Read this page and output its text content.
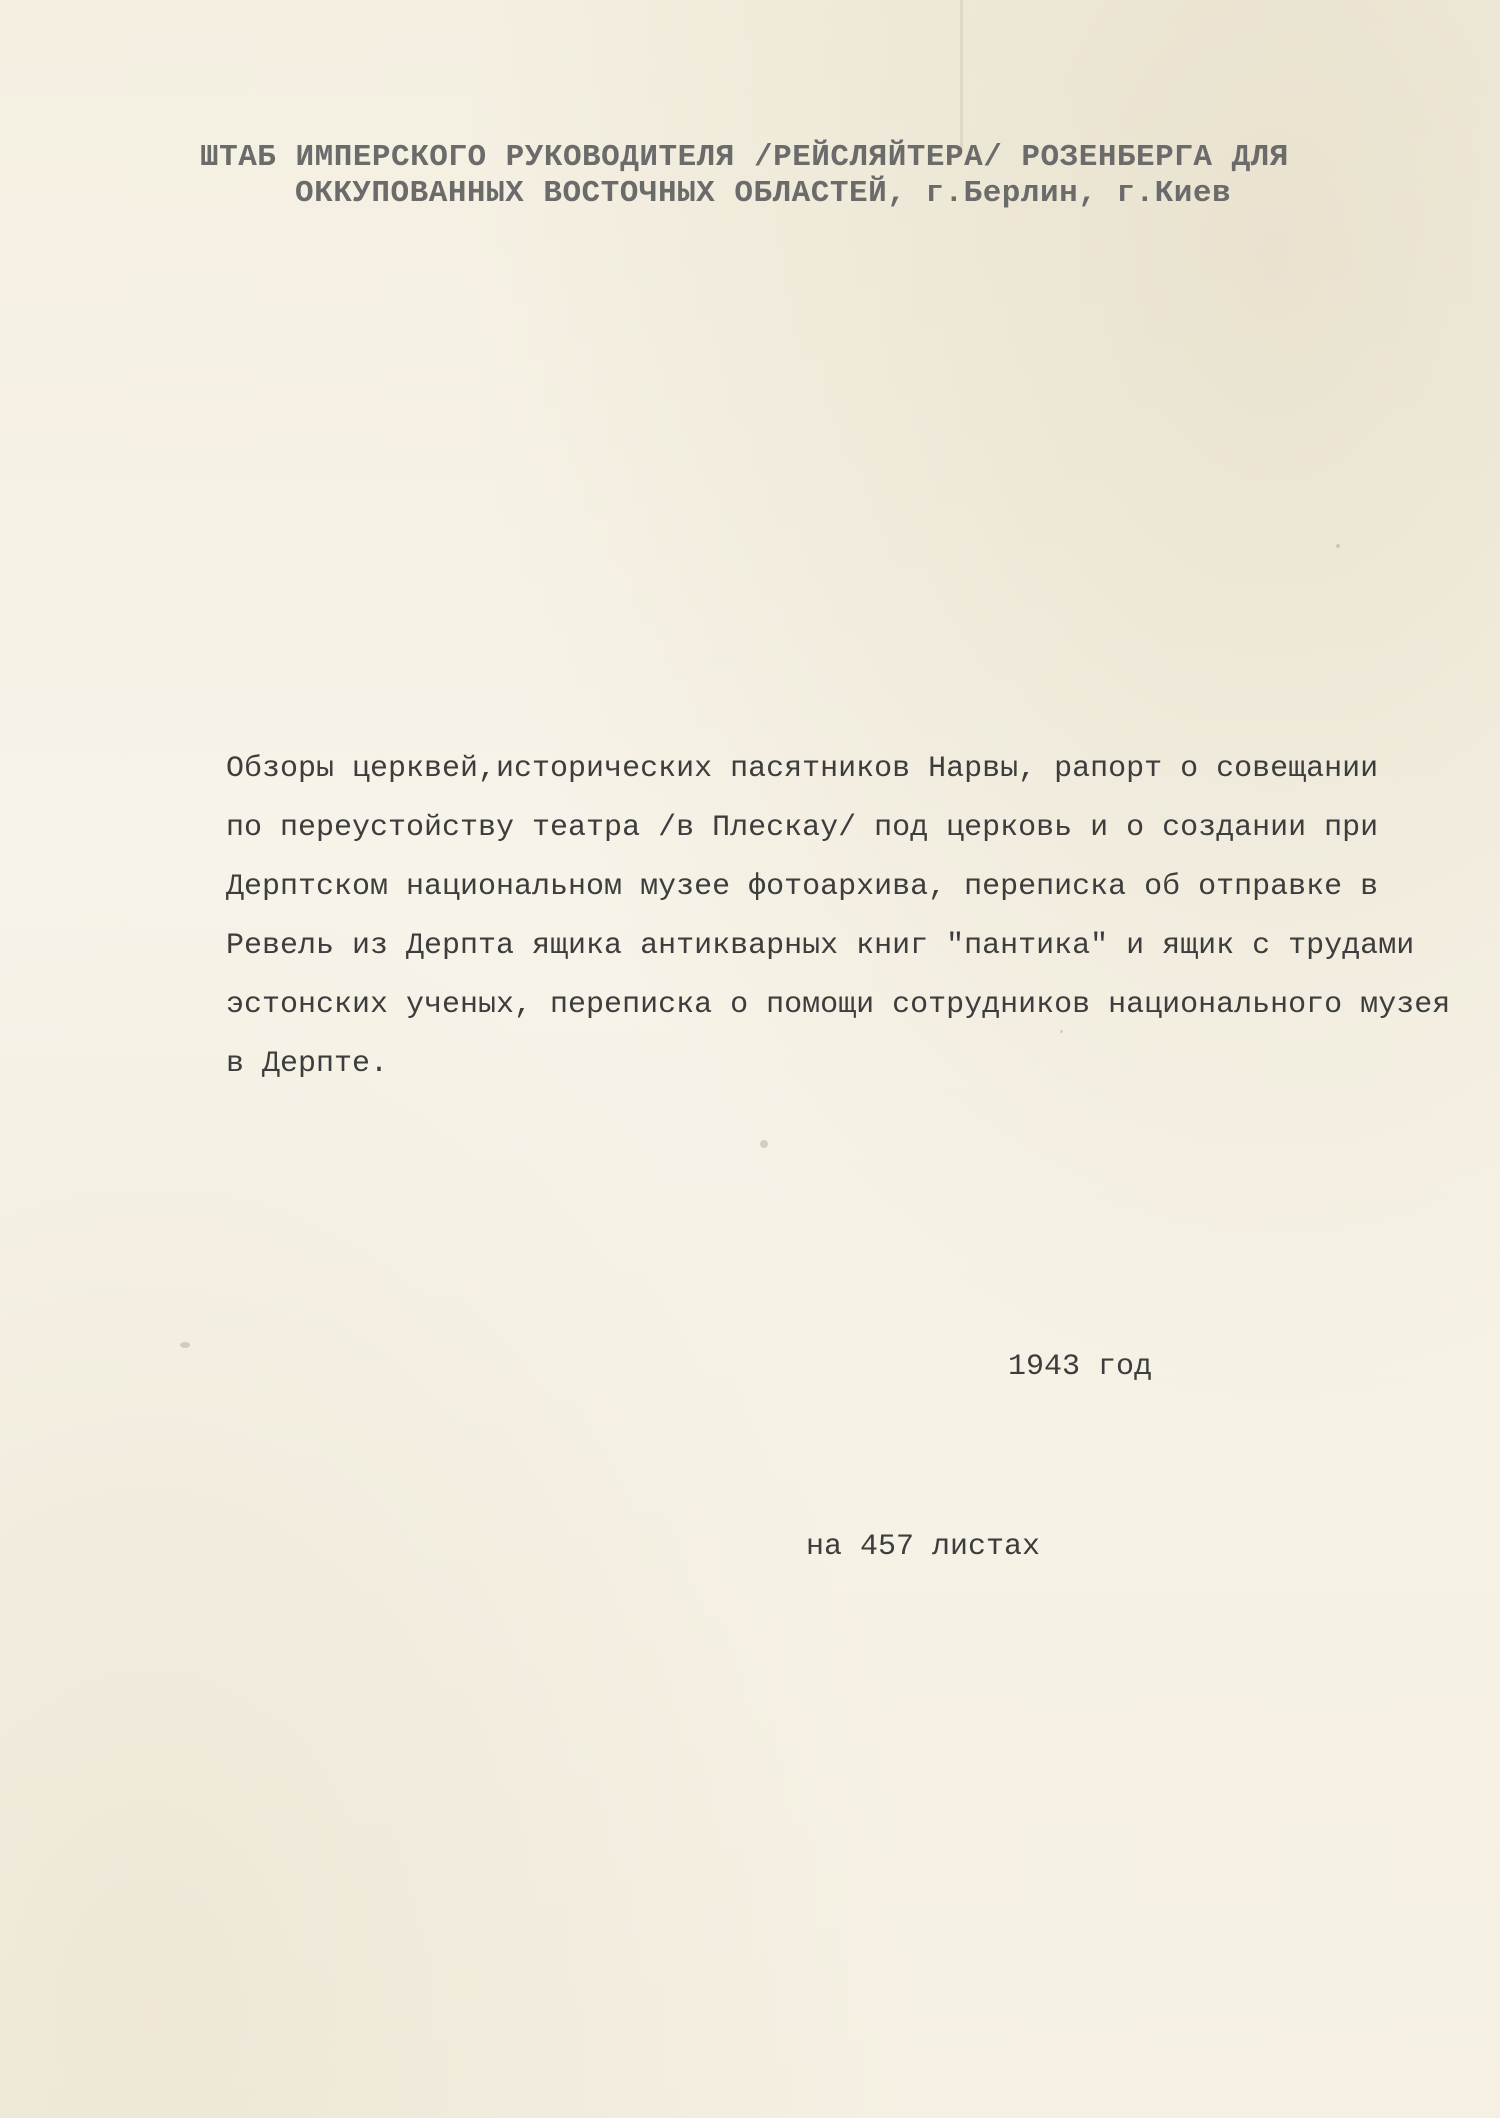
ШТАБ ИМПЕРСКОГО РУКОВОДИТЕЛЯ /РЕЙСЛЯЙТЕРА/ РОЗЕНБЕРГА ДЛЯ
ОККУПОВАННЫХ ВОСТОЧНЫХ ОБЛАСТЕЙ, г.Берлин, г.Киев
Обзоры церквей,исторических пасятников Нарвы, рапорт о совещании
по переустойству театра /в Плескау/ под церковь и о создании при
Дерптском национальном музее фотоархива, переписка об отправке в
Ревель из Дерпта ящика антикварных книг "пантика" и ящик с трудами
эстонских ученых, переписка о помощи сотрудников национального музея
в Дерпте.
1943 год
на 457 листах
